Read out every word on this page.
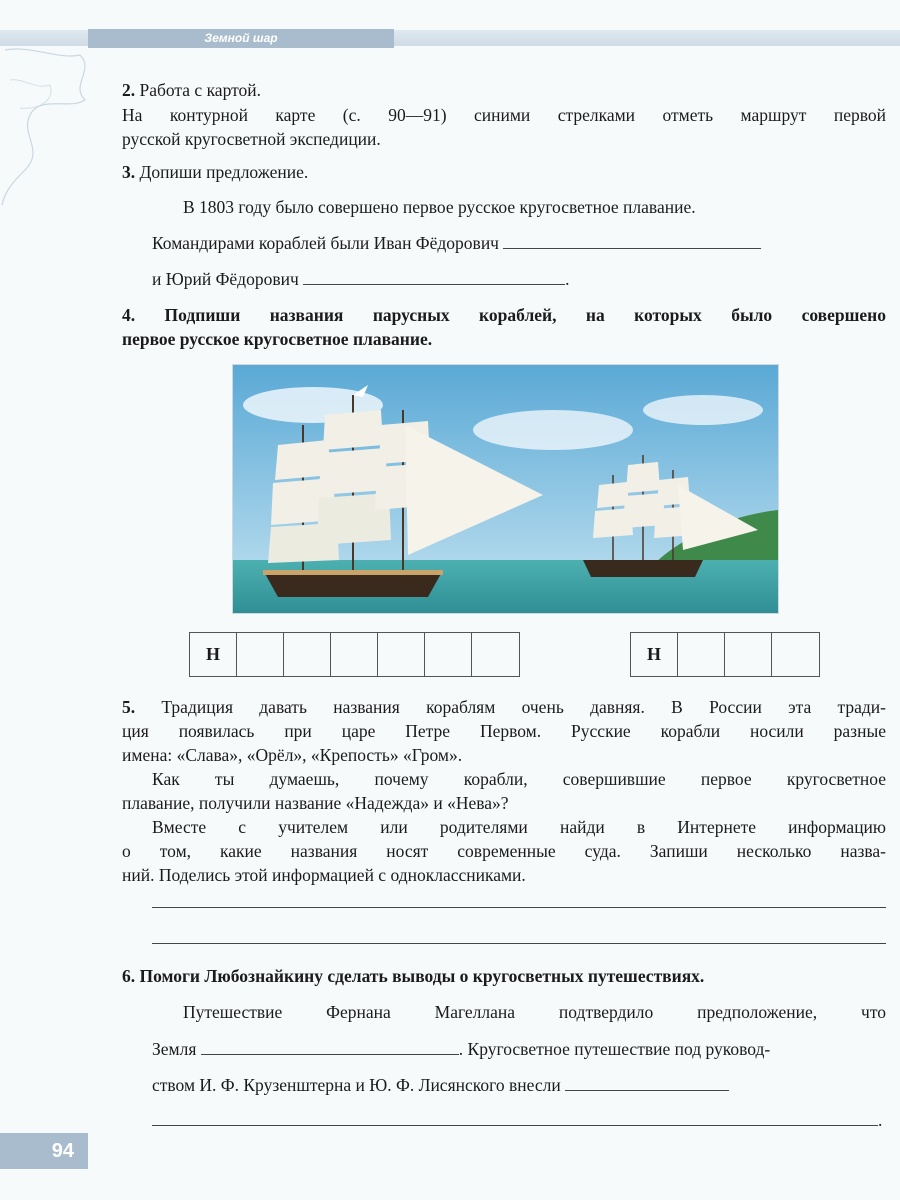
Земной шар
2. Работа с картой.
На контурной карте (с. 90—91) синими стрелками отметь маршрут первой
русской кругосветной экспедиции.
3. Допиши предложение.
В 1803 году было совершено первое русское кругосветное плавание.
Командирами кораблей были Иван Фёдорович
и Юрий Фёдорович	.
4. Подпиши названия парусных кораблей, на которых было совершено
первое русское кругосветное плавание.
Н	Н
5. Традиция давать названия кораблям очень давняя. В России эта тради-
ция появилась при царе Петре Первом. Русские корабли носили разные
имена: «Слава», «Орёл», «Крепость» «Гром».
Как ты думаешь, почему корабли, совершившие первое кругосветное
плавание, получили название «Надежда» и «Нева»?
Вместе с учителем или родителями найди в Интернете информацию
о том, какие названия носят современные суда. Запиши несколько назва-
ний. Поделись этой информацией с одноклассниками.
6. Помоги Любознайкину сделать выводы о кругосветных путешествиях.
Путешествие Фернана Магеллана подтвердило предположение, что
Земля	. Кругосветное путешествие под руковод-
ством И. Ф. Крузенштерна и Ю. Ф. Лисянского внесли
.
94
